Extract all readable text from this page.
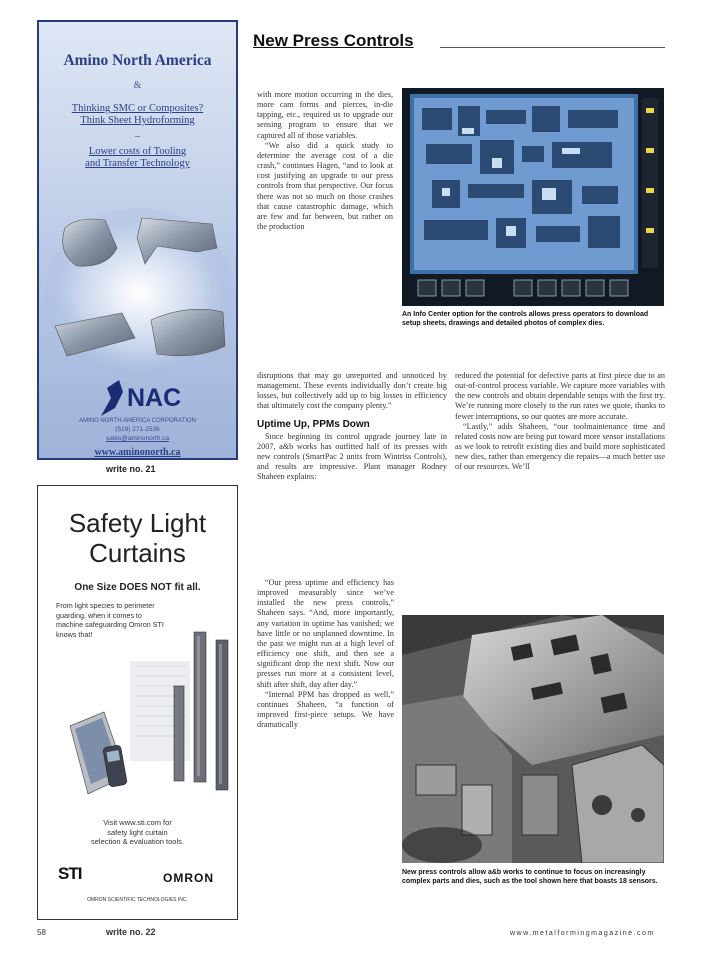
Amino North America
&
Thinking SMC or Composites?
Think Sheet Hydroforming
–
Lower costs of Tooling
and Transfer Technology
NAC
AMINO NORTH AMERICA CORPORATION
(519) 271-2536
sales@aminonorth.ca
www.aminonorth.ca
write no. 21
Safety Light
Curtains
One Size DOES NOT fit all.
From light species to perimeter guarding, when it comes to machine safeguarding Omron STI knows that!
Visit www.sti.com for
safety light curtain
selection & evaluation tools.
STI	OMRON
OMRON SCIENTIFIC TECHNOLOGIES INC.
New Press Controls

with more motion occurring in the dies, more cam forms and pierces, in-die tapping, etc., required us to upgrade our sensing program to ensure that we captured all of those variables.

“We also did a quick study to determine the average cost of a die crash,” continues Hagen, “and to look at cost justifying an upgrade to our press controls from that perspective. Our focus there was not so much on those crashes that cause catastrophic damage, which are few and far between, but rather on the production

An Info Center option for the controls allows press operators to download setup sheets, drawings and detailed photos of complex dies.

disruptions that may go unreported and unnoticed by management. These events individually don’t create big losses, but collectively add up to big losses in efficiency that ultimately cost the company plenty.”

Uptime Up, PPMs Down

Since beginning its control upgrade journey late in 2007, a&b works has outfitted half of its presses with new controls (SmartPac 2 units from Wintriss Controls), and results are impressive. Plant manager Rodney Shaheen explains:

“Our press uptime and efficiency has improved measurably since we’ve installed the new press controls,” Shaheen says. “And, more importantly, any variation in uptime has vanished; we have little or no unplanned downtime. In the past we might run at a high level of efficiency one shift, and then see a significant drop the next shift. Now our presses run more at a consistent level, shift after shift, day after day.”

“Internal PPM has dropped as well,” continues Shaheen, “a function of improved first-piece setups. We have dramatically

reduced the potential for defective parts at first piece due to an out-of-control process variable. We capture more variables with the new controls and obtain dependable setups with the first try. We’re running more closely to the run rates we quote, thanks to fewer interruptions, so our quotes are more accurate.

“Lastly,” adds Shaheen, “our toolmaintenance time and related costs now are being put toward more sensor installations as we look to retrofit existing dies and build more sophisticated new dies, rather than emergency die repairs—a much better use of our resources. We’ll

New press controls allow a&b works to continue to focus on increasingly complex parts and dies, such as the tool shown here that boasts 18 sensors.
58	write no. 22	www.metalformingmagazine.com
